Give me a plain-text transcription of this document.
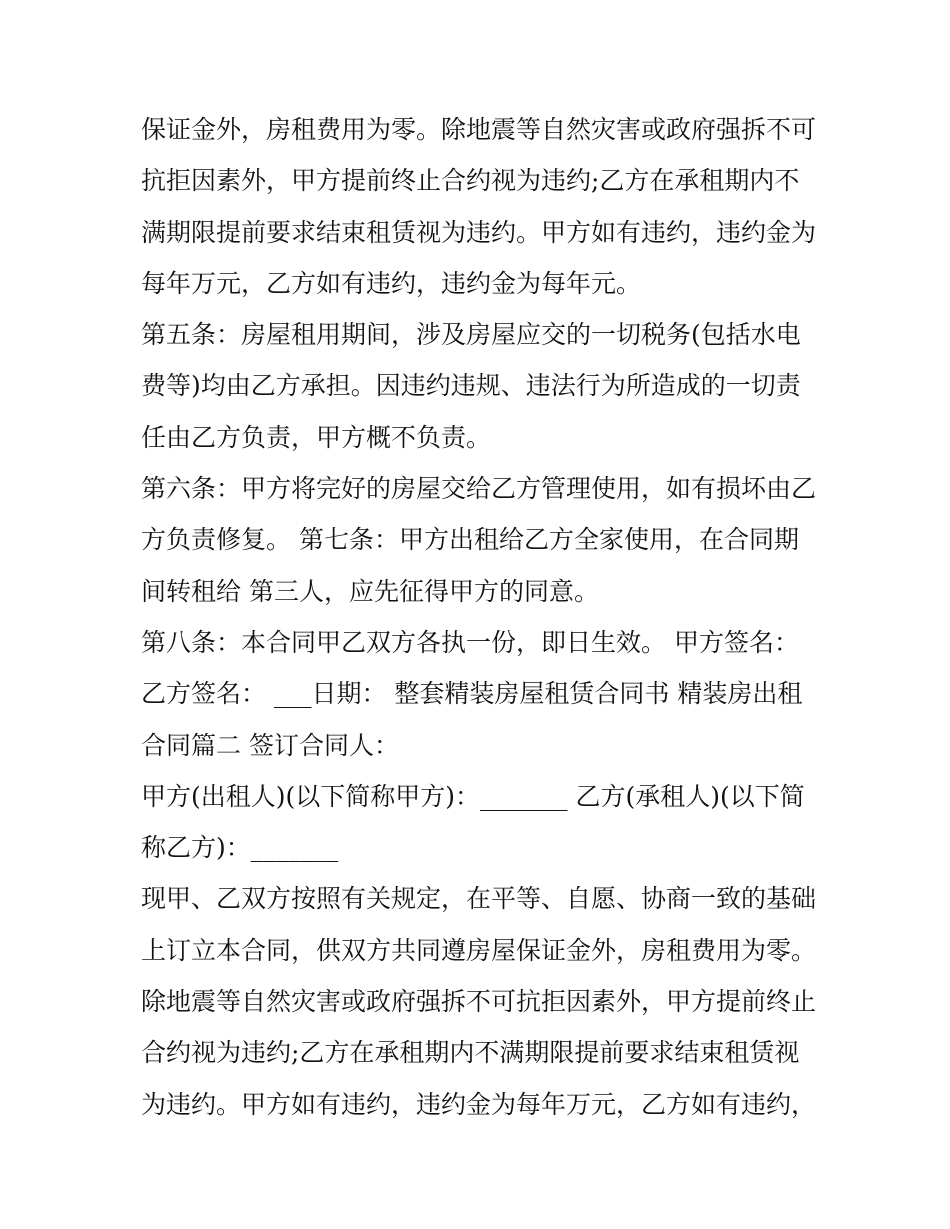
保证金外，房租费用为零。除地震等自然灾害或政府强拆不可
抗拒因素外，甲方提前终止合约视为违约;乙方在承租期内不
满期限提前要求结束租赁视为违约。甲方如有违约，违约金为
每年万元，乙方如有违约，违约金为每年元。
第五条：房屋租用期间，涉及房屋应交的一切税务(包括水电
费等)均由乙方承担。因违约违规、违法行为所造成的一切责
任由乙方负责，甲方概不负责。
第六条：甲方将完好的房屋交给乙方管理使用，如有损坏由乙
方负责修复。 第七条：甲方出租给乙方全家使用，在合同期
间转租给 第三人，应先征得甲方的同意。
第八条：本合同甲乙双方各执一份，即日生效。 甲方签名：
乙方签名： ___日期： 整套精装房屋租赁合同书 精装房出租
合同篇二 签订合同人：
甲方(出租人)(以下简称甲方)：_______ 乙方(承租人)(以下简
称乙方)：_______
现甲、乙双方按照有关规定，在平等、自愿、协商一致的基础
上订立本合同，供双方共同遵房屋保证金外，房租费用为零。
除地震等自然灾害或政府强拆不可抗拒因素外，甲方提前终止
合约视为违约;乙方在承租期内不满期限提前要求结束租赁视
为违约。甲方如有违约，违约金为每年万元，乙方如有违约，
